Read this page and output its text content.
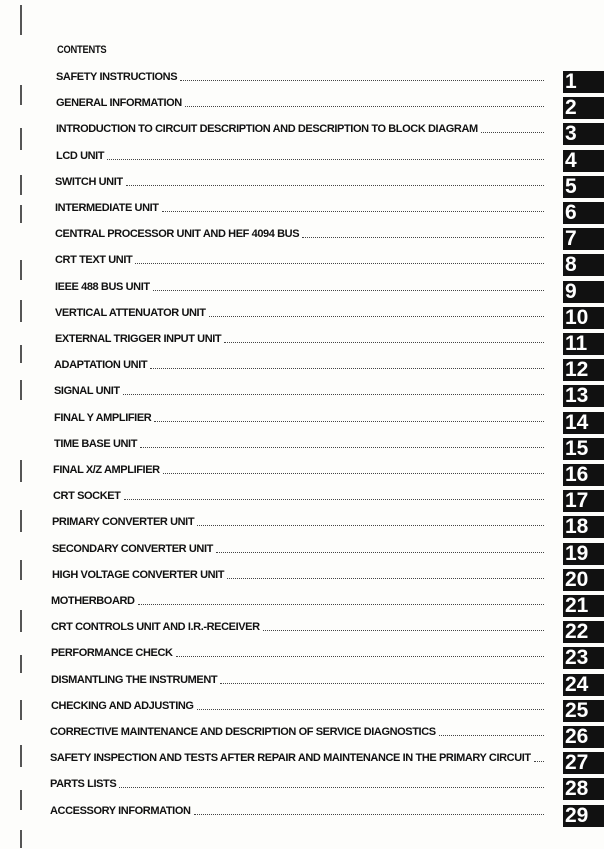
CONTENTS
SAFETY INSTRUCTIONS	1
GENERAL INFORMATION	2
INTRODUCTION TO CIRCUIT DESCRIPTION AND DESCRIPTION TO BLOCK DIAGRAM	3
LCD UNIT	4
SWITCH UNIT	5
INTERMEDIATE UNIT	6
CENTRAL PROCESSOR UNIT AND HEF 4094 BUS	7
CRT TEXT UNIT	8
IEEE 488 BUS UNIT	9
VERTICAL ATTENUATOR UNIT	10
EXTERNAL TRIGGER INPUT UNIT	11
ADAPTATION UNIT	12
SIGNAL UNIT	13
FINAL Y AMPLIFIER	14
TIME BASE UNIT	15
FINAL X/Z AMPLIFIER	16
CRT SOCKET	17
PRIMARY CONVERTER UNIT	18
SECONDARY CONVERTER UNIT	19
HIGH VOLTAGE CONVERTER UNIT	20
MOTHERBOARD	21
CRT CONTROLS UNIT AND I.R.-RECEIVER	22
PERFORMANCE CHECK	23
DISMANTLING THE INSTRUMENT	24
CHECKING AND ADJUSTING	25
CORRECTIVE MAINTENANCE AND DESCRIPTION OF SERVICE DIAGNOSTICS	26
SAFETY INSPECTION AND TESTS AFTER REPAIR AND MAINTENANCE IN THE PRIMARY CIRCUIT 27
PARTS LISTS	28
ACCESSORY INFORMATION	29
